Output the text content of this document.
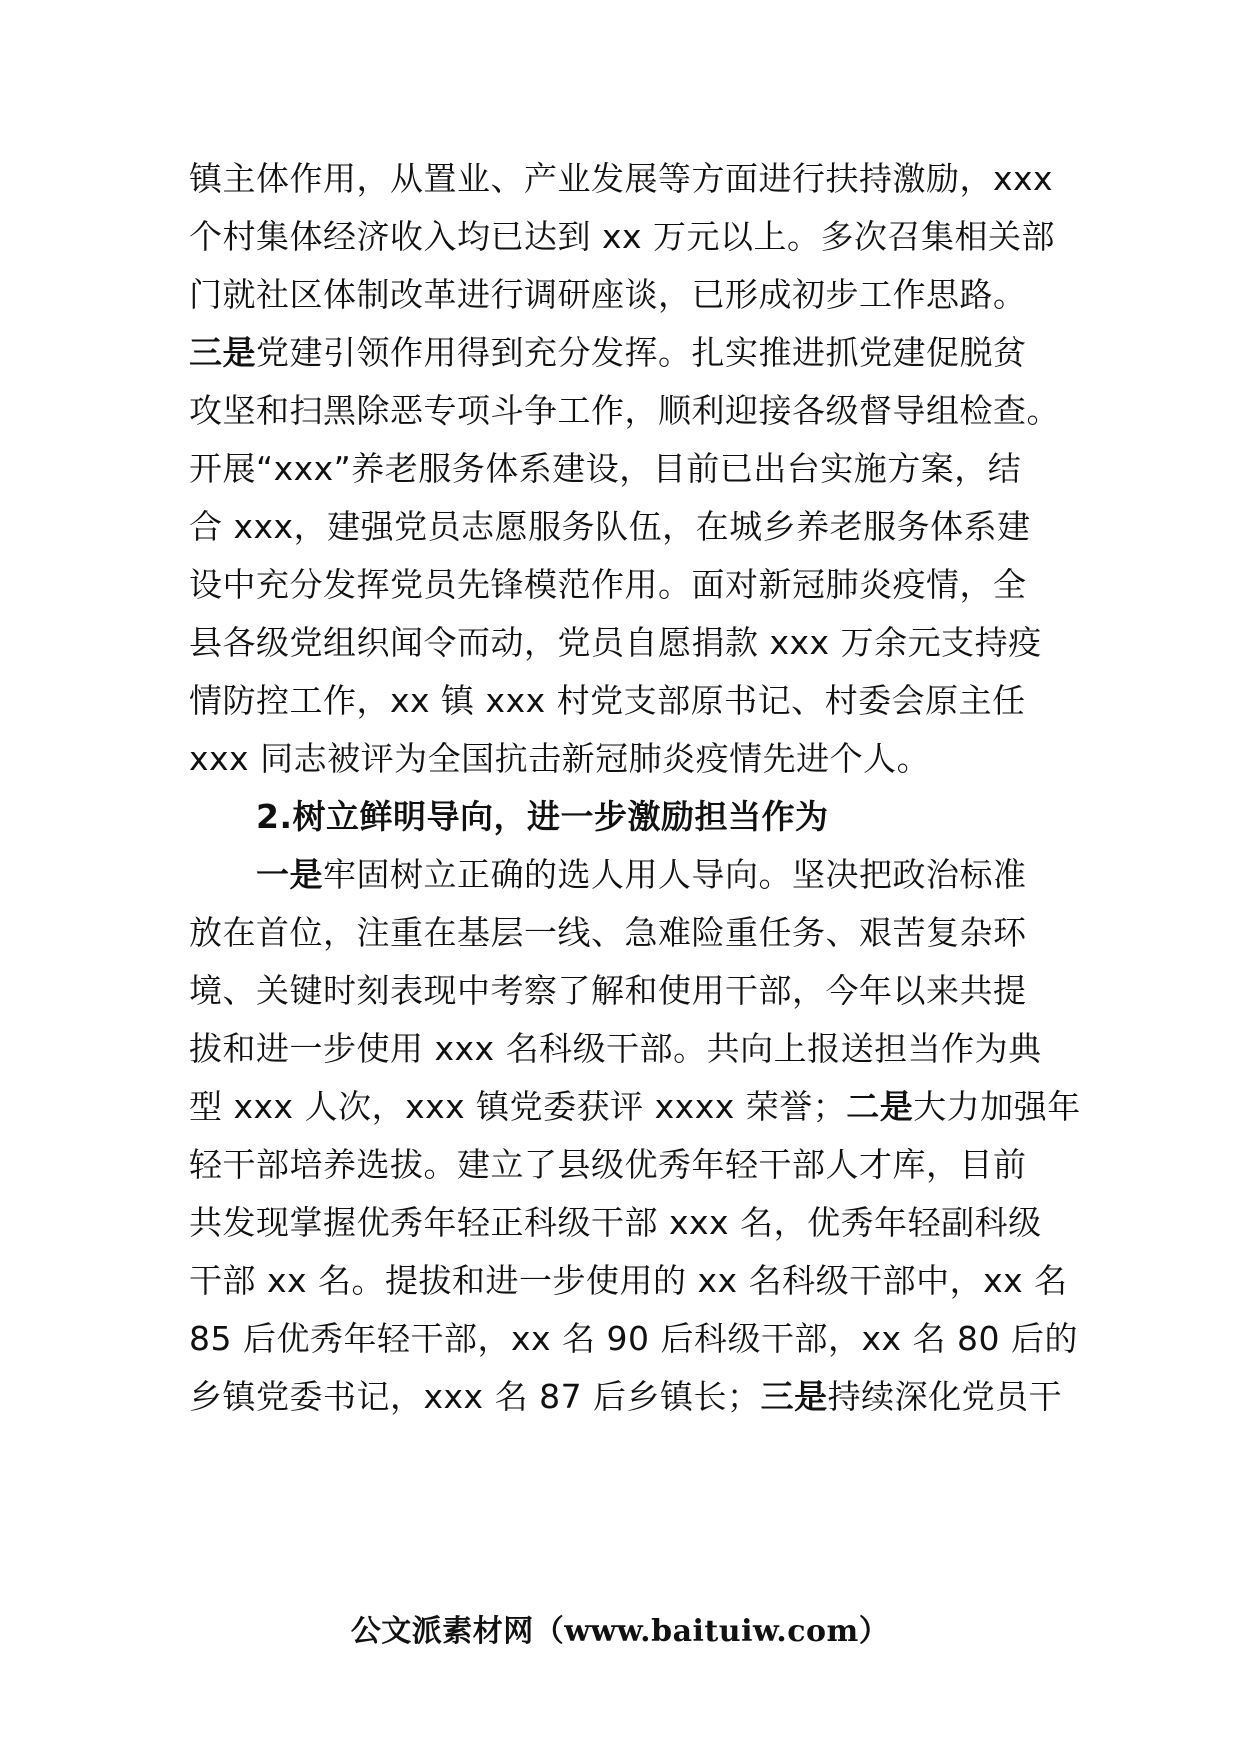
镇主体作用，从置业、产业发展等方面进行扶持激励，xxx
个村集体经济收入均已达到 xx 万元以上。多次召集相关部
门就社区体制改革进行调研座谈，已形成初步工作思路。
三是党建引领作用得到充分发挥。扎实推进抓党建促脱贫
攻坚和扫黑除恶专项斗争工作，顺利迎接各级督导组检查。
开展“xxx”养老服务体系建设，目前已出台实施方案，结
合 xxx，建强党员志愿服务队伍，在城乡养老服务体系建
设中充分发挥党员先锋模范作用。面对新冠肺炎疫情，全
县各级党组织闻令而动，党员自愿捐款 xxx 万余元支持疫
情防控工作，xx 镇 xxx 村党支部原书记、村委会原主任
xxx 同志被评为全国抗击新冠肺炎疫情先进个人。
2.树立鲜明导向，进一步激励担当作为
一是牢固树立正确的选人用人导向。坚决把政治标准
放在首位，注重在基层一线、急难险重任务、艰苦复杂环
境、关键时刻表现中考察了解和使用干部，今年以来共提
拔和进一步使用 xxx 名科级干部。共向上报送担当作为典
型 xxx 人次，xxx 镇党委获评 xxxx 荣誉；二是大力加强年
轻干部培养选拔。建立了县级优秀年轻干部人才库，目前
共发现掌握优秀年轻正科级干部 xxx 名，优秀年轻副科级
干部 xx 名。提拔和进一步使用的 xx 名科级干部中，xx 名
85 后优秀年轻干部，xx 名 90 后科级干部，xx 名 80 后的
乡镇党委书记，xxx 名 87 后乡镇长；三是持续深化党员干
公文派素材网（www.baituiw.com）
